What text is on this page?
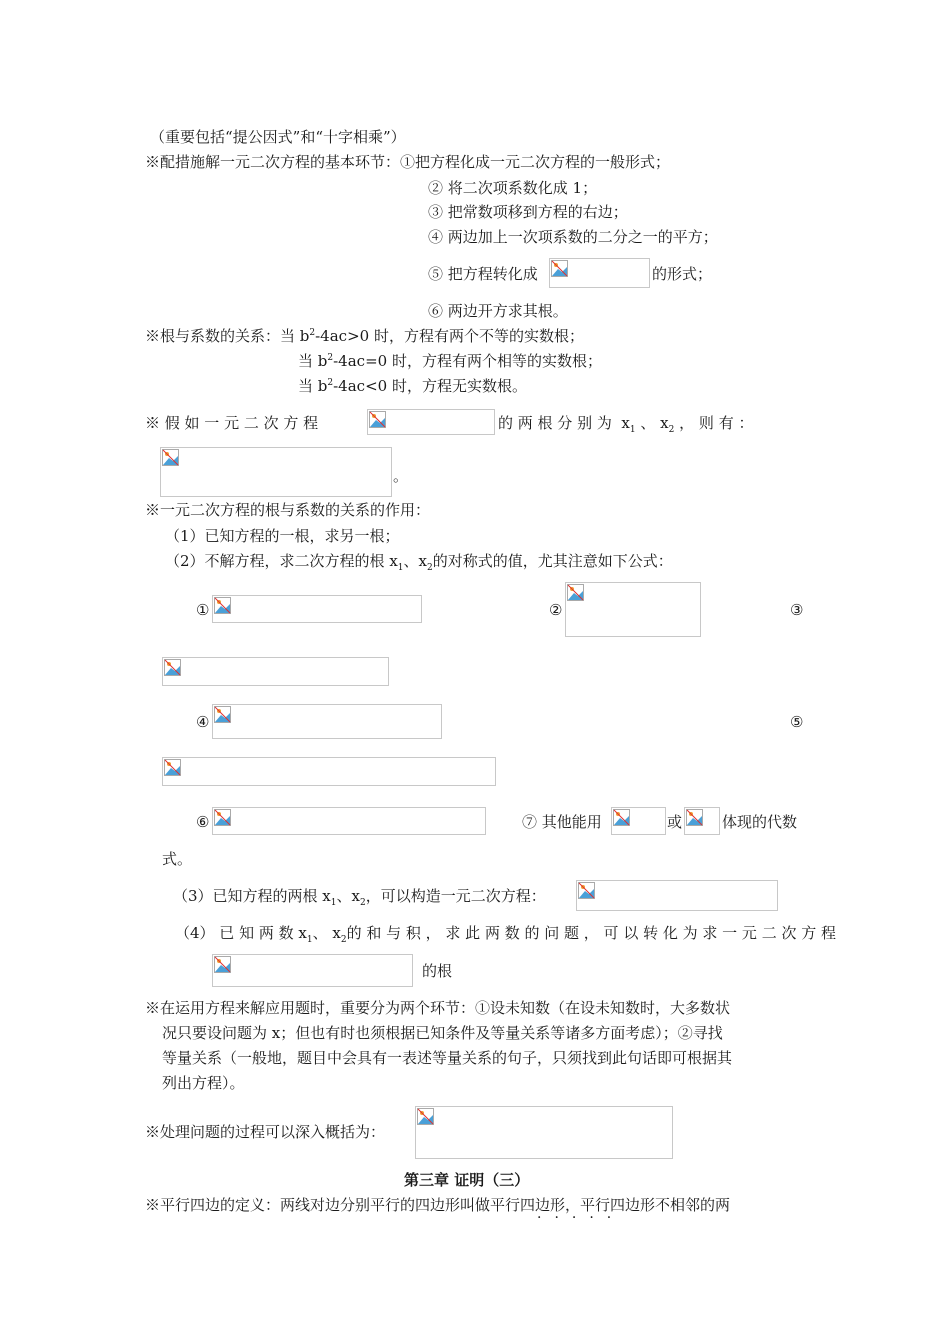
（重要包括“提公因式”和“十字相乘”）
※配措施解一元二次方程的基本环节：①把方程化成一元二次方程的一般形式；
② 将二次项系数化成 1；
③ 把常数项移到方程的右边；
④ 两边加上一次项系数的二分之一的平方；
⑤ 把方程转化成	的形式；
⑥ 两边开方求其根。
※根与系数的关系：当 $b^2-4ac>0$ 时，方程有两个不等的实数根；
当 $b^2-4ac=0$ 时，方程有两个相等的实数根；
当 $b^2-4ac<0$ 时，方程无实数根。
※ 假 如 一 元 二 次 方 程	的 两 根 分 别 为 $x_1$ 、 $x_2$ ， 则 有 ：
。
※一元二次方程的根与系数的关系的作用：
（1）已知方程的一根，求另一根；
（2）不解方程，求二次方程的根 $x_1$、$x_2$的对称式的值，尤其注意如下公式：
①	②	③
④	⑤
⑥	⑦ 其他能用	或	体现的代数
式。
（3）已知方程的两根 $x_1$、$x_2$，可以构造一元二次方程：
（4） 已 知 两 数 $x_1$、 $x_2$的 和 与 积 ， 求 此 两 数 的 问 题 ， 可 以 转 化 为 求 一 元 二 次 方 程
的根
※在运用方程来解应用题时，重要分为两个环节：①设未知数（在设未知数时，大多数状
况只要设问题为 x；但也有时也须根据已知条件及等量关系等诸多方面考虑）；②寻找
等量关系（一般地，题目中会具有一表述等量关系的句子，只须找到此句话即可根据其
列出方程）。
※处理问题的过程可以深入概括为：
第三章 证明（三）
※平行四边的定义：两线对边分别平行的四边形叫做平行四边形，平行四边形不相邻的两
·····
